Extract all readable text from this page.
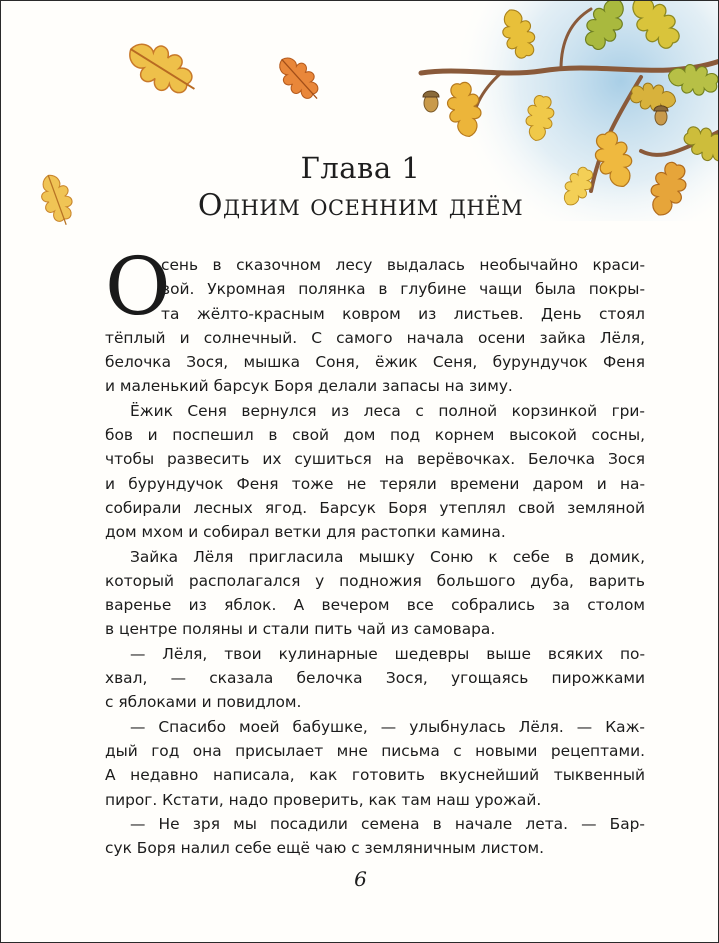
Глава 1
Одним осенним днём
О
сень в сказочном лесу выдалась необычайно краси-
вой. Укромная полянка в глубине чащи была покры-
та жёлто-красным ковром из листьев. День стоял
тёплый и солнечный. С самого начала осени зайка Лёля,
белочка Зося, мышка Соня, ёжик Сеня, бурундучок Феня
и маленький барсук Боря делали запасы на зиму.
Ёжик Сеня вернулся из леса с полной корзинкой гри-
бов и поспешил в свой дом под корнем высокой сосны,
чтобы развесить их сушиться на верёвочках. Белочка Зося
и бурундучок Феня тоже не теряли времени даром и на-
собирали лесных ягод. Барсук Боря утеплял свой земляной
дом мхом и собирал ветки для растопки камина.
Зайка Лёля пригласила мышку Соню к себе в домик,
который располагался у подножия большого дуба, варить
варенье из яблок. А вечером все собрались за столом
в центре поляны и стали пить чай из самовара.
— Лёля, твои кулинарные шедевры выше всяких по-
хвал, — сказала белочка Зося, угощаясь пирожками
с яблоками и повидлом.
— Спасибо моей бабушке, — улыбнулась Лёля. — Каж-
дый год она присылает мне письма с новыми рецептами.
А недавно написала, как готовить вкуснейший тыквенный
пирог. Кстати, надо проверить, как там наш урожай.
— Не зря мы посадили семена в начале лета. — Бар-
сук Боря налил себе ещё чаю с земляничным листом.
6
